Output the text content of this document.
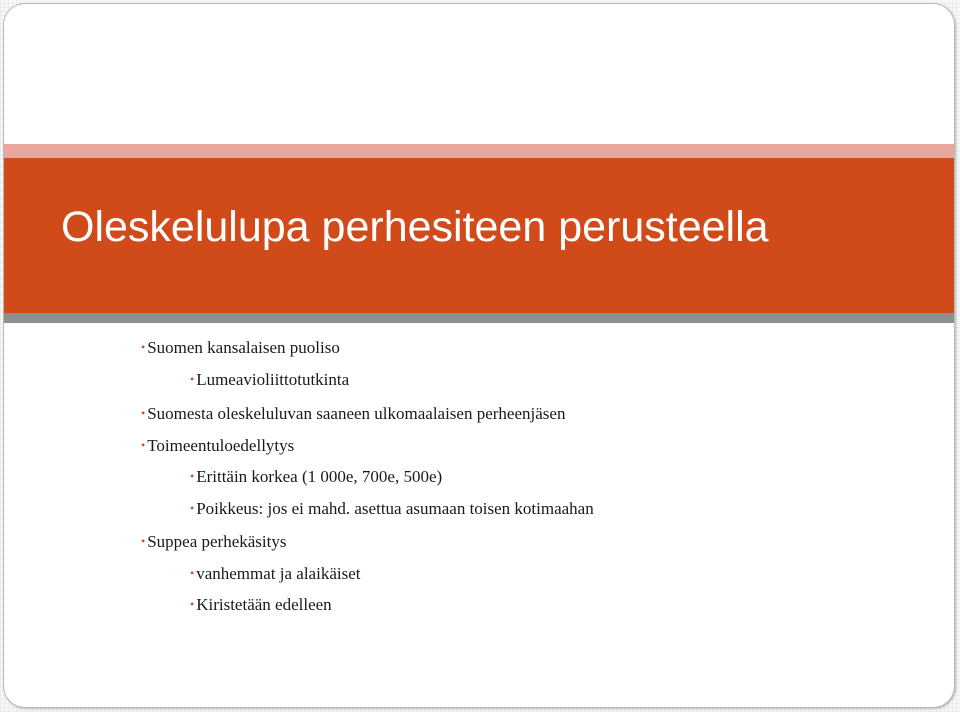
Oleskelulupa perhesiteen perusteella

• Suomen kansalaisen puoliso

• Lumeavioliittotutkinta

• Suomesta oleskeluluvan saaneen ulkomaalaisen perheenjäsen

• Toimeentuloedellytys

• Erittäin korkea (1 000e, 700e, 500e)

• Poikkeus: jos ei mahd. asettua asumaan toisen kotimaahan

• Suppea perhekäsitys

• vanhemmat ja alaikäiset

• Kiristetään edelleen
